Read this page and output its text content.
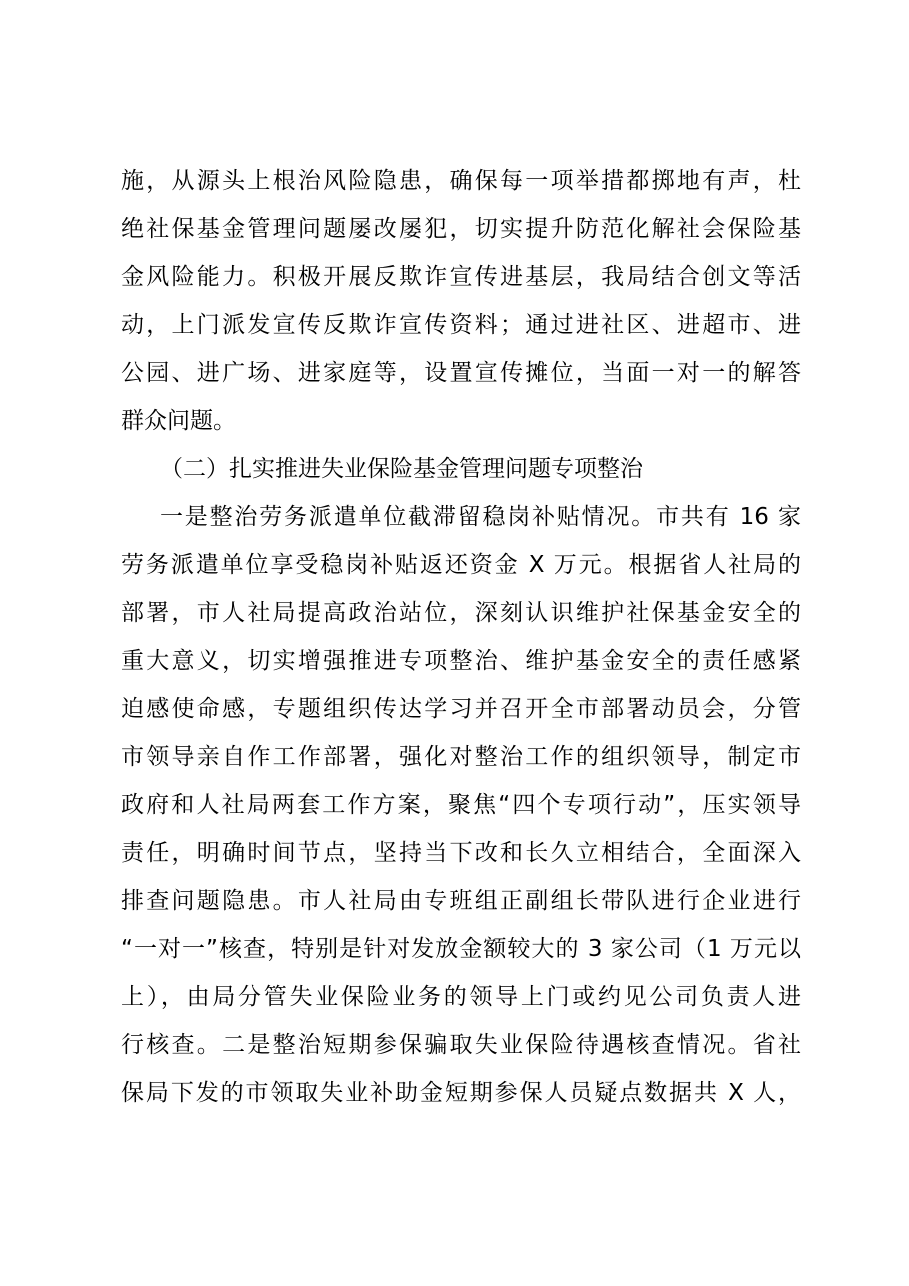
施，从源头上根治风险隐患，确保每一项举措都掷地有声，杜
绝社保基金管理问题屡改屡犯，切实提升防范化解社会保险基
金风险能力。积极开展反欺诈宣传进基层，我局结合创文等活
动，上门派发宣传反欺诈宣传资料；通过进社区、进超市、进
公园、进广场、进家庭等，设置宣传摊位，当面一对一的解答
群众问题。
（二）扎实推进失业保险基金管理问题专项整治
一是整治劳务派遣单位截滞留稳岗补贴情况。市共有 16 家
劳务派遣单位享受稳岗补贴返还资金 X 万元。根据省人社局的
部署，市人社局提高政治站位，深刻认识维护社保基金安全的
重大意义，切实增强推进专项整治、维护基金安全的责任感紧
迫感使命感，专题组织传达学习并召开全市部署动员会，分管
市领导亲自作工作部署，强化对整治工作的组织领导，制定市
政府和人社局两套工作方案，聚焦“四个专项行动”，压实领导
责任，明确时间节点，坚持当下改和长久立相结合，全面深入
排查问题隐患。市人社局由专班组正副组长带队进行企业进行
“一对一”核查，特别是针对发放金额较大的 3 家公司（1 万元以
上），由局分管失业保险业务的领导上门或约见公司负责人进
行核查。二是整治短期参保骗取失业保险待遇核查情况。省社
保局下发的市领取失业补助金短期参保人员疑点数据共 X 人，
